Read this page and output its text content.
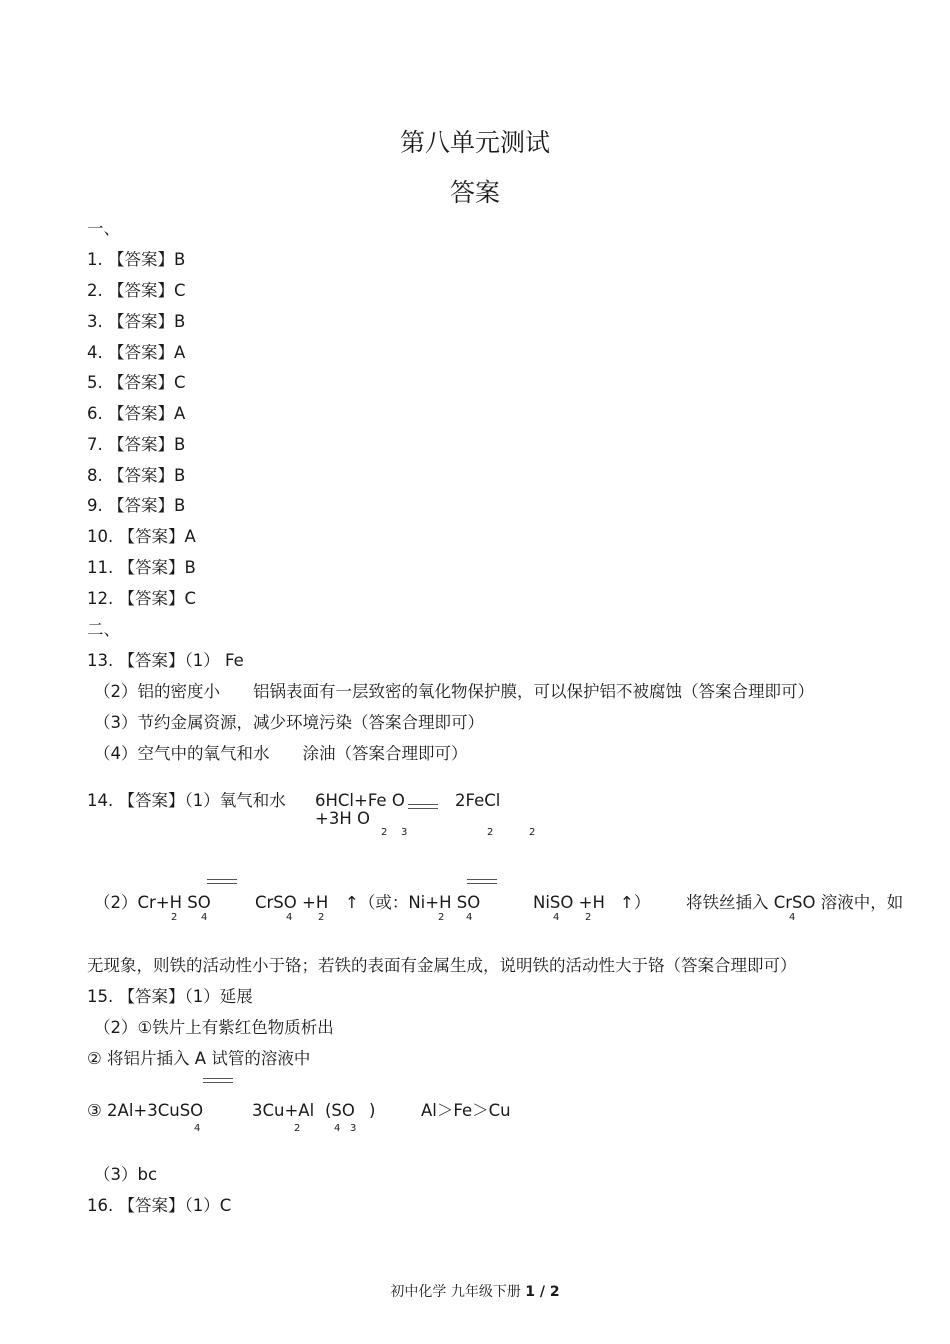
第八单元测试
答案
一、
1. 【答案】B
2. 【答案】C
3. 【答案】B
4. 【答案】A
5. 【答案】C
6. 【答案】A
7. 【答案】B
8. 【答案】B
9. 【答案】B
10. 【答案】A
11. 【答案】B
12. 【答案】C
二、
13. 【答案】（1） Fe
（2）铝的密度小　　铝锅表面有一层致密的氧化物保护膜，可以保护铝不被腐蚀（答案合理即可）
（3）节约金属资源，减少环境污染（答案合理即可）
（4）空气中的氧气和水　　涂油（答案合理即可）
14. 【答案】（1）氧气和水 6HCl+Fe O	2FeCl
+3H O
2 3	2	2
（2）Cr+H SO
2 4
CrSO +H
4	2
↑（或：Ni+H SO
2 4
NiSO +H
4	2
↑） 将铁丝插入 CrSO 溶液中，如
4
无现象，则铁的活动性小于铬；若铁的表面有金属生成，说明铁的活动性大于铬（答案合理即可）
15. 【答案】（1）延展
（2）①铁片上有紫红色物质析出
② 将铝片插入 A 试管的溶液中
③ 2Al+3CuSO
4
3Cu+Al
2
(SO
4 3
)	Al＞Fe＞Cu
（3）bc
16. 【答案】（1）C
初中化学 九年级下册 1 / 2
